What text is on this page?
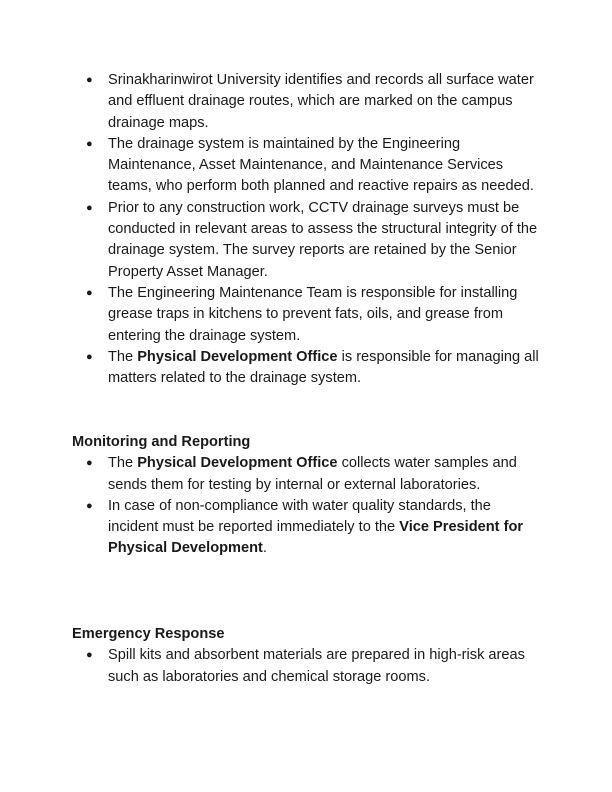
● Srinakharinwirot University identifies and records all surface water and effluent drainage routes, which are marked on the campus drainage maps.
● The drainage system is maintained by the Engineering Maintenance, Asset Maintenance, and Maintenance Services teams, who perform both planned and reactive repairs as needed.
● Prior to any construction work, CCTV drainage surveys must be conducted in relevant areas to assess the structural integrity of the drainage system. The survey reports are retained by the Senior Property Asset Manager.
● The Engineering Maintenance Team is responsible for installing grease traps in kitchens to prevent fats, oils, and grease from entering the drainage system.
● The Physical Development Office is responsible for managing all matters related to the drainage system.

Monitoring and Reporting

● The Physical Development Office collects water samples and sends them for testing by internal or external laboratories.
● In case of non-compliance with water quality standards, the incident must be reported immediately to the Vice President for Physical Development.

Emergency Response

● Spill kits and absorbent materials are prepared in high-risk areas such as laboratories and chemical storage rooms.
